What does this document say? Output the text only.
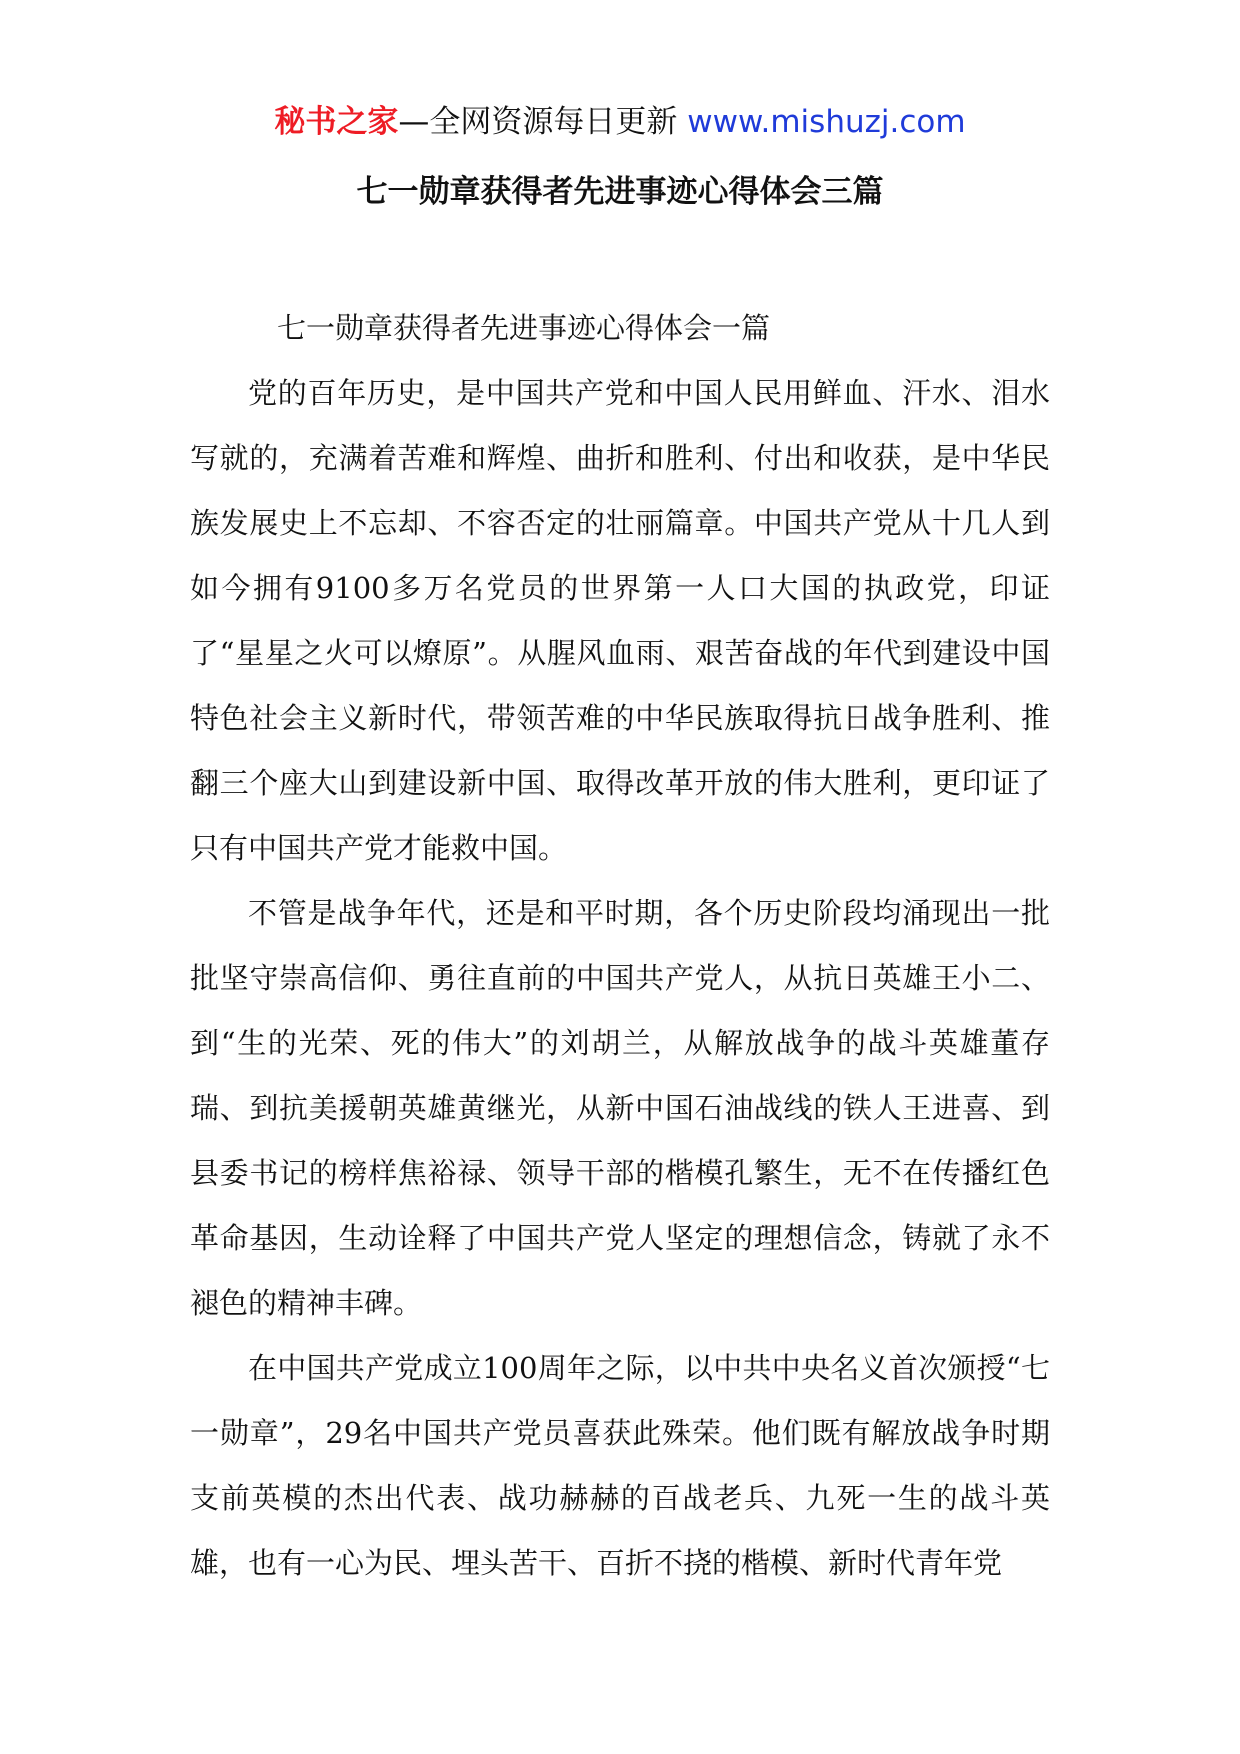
秘书之家—全网资源每日更新 www.mishuzj.com
七一勋章获得者先进事迹心得体会三篇

七一勋章获得者先进事迹心得体会一篇

党的百年历史，是中国共产党和中国人民用鲜血、汗水、泪水写就的，充满着苦难和辉煌、曲折和胜利、付出和收获，是中华民族发展史上不忘却、不容否定的壮丽篇章。中国共产党从十几人到如今拥有9100多万名党员的世界第一人口大国的执政党，印证了“星星之火可以燎原”。从腥风血雨、艰苦奋战的年代到建设中国特色社会主义新时代，带领苦难的中华民族取得抗日战争胜利、推翻三个座大山到建设新中国、取得改革开放的伟大胜利，更印证了只有中国共产党才能救中国。

不管是战争年代，还是和平时期，各个历史阶段均涌现出一批批坚守崇高信仰、勇往直前的中国共产党人，从抗日英雄王小二、到“生的光荣、死的伟大”的刘胡兰，从解放战争的战斗英雄董存瑞、到抗美援朝英雄黄继光，从新中国石油战线的铁人王进喜、到县委书记的榜样焦裕禄、领导干部的楷模孔繁生，无不在传播红色革命基因，生动诠释了中国共产党人坚定的理想信念，铸就了永不褪色的精神丰碑。

在中国共产党成立100周年之际，以中共中央名义首次颁授“七一勋章”，29名中国共产党员喜获此殊荣。他们既有解放战争时期支前英模的杰出代表、战功赫赫的百战老兵、九死一生的战斗英雄，也有一心为民、埋头苦干、百折不挠的楷模、新时代青年党
